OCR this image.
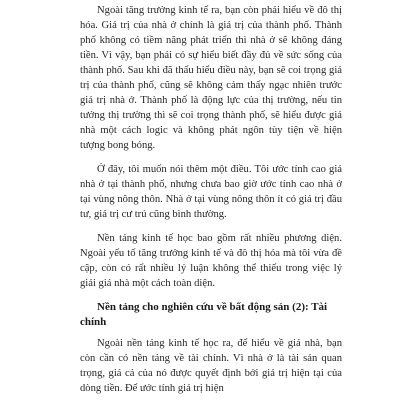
Ngoài tăng trưởng kinh tế ra, bạn còn phải hiểu về đô thị hóa. Giá trị của nhà ở chính là giá trị của thành phố. Thành phố không có tiềm năng phát triển thì nhà ở sẽ không đáng tiền. Vì vậy, bạn phải có sự hiểu biết đầy đủ về sức sống của thành phố. Sau khi đã thấu hiểu điều này, bạn sẽ coi trọng giá trị của thành phố, cũng sẽ không cảm thấy ngạc nhiên trước giá trị nhà ở. Thành phố là động lực của thị trường, nếu tin tưởng thị trường thì sẽ coi trọng thành phố, sẽ hiểu được giá nhà một cách logic và không phát ngôn tùy tiện về hiện tượng bong bóng.

Ở đây, tôi muốn nói thêm một điều. Tôi ước tính cao giá nhà ở tại thành phố, nhưng chưa bao giờ ước tính cao nhà ở tại vùng nông thôn. Nhà ở tại vùng nông thôn ít có giá trị đầu tư, giá trị cư trú cũng bình thường.

Nền tảng kinh tế học bao gồm rất nhiều phương diện. Ngoài yếu tố tăng trưởng kinh tế và đô thị hóa mà tôi vừa đề cập, còn có rất nhiều lý luận không thể thiếu trong việc lý giải giá nhà một cách toàn diện.

Nền tảng cho nghiên cứu về bất động sản (2): Tài chính

Ngoài nền tảng kinh tế học ra, để hiểu về giá nhà, bạn còn cần có nền tảng về tài chính. Vì nhà ở là tài sản quan trọng, giá cả của nó được quyết định bởi giá trị hiện tại của dòng tiền. Để ước tính giá trị hiện
